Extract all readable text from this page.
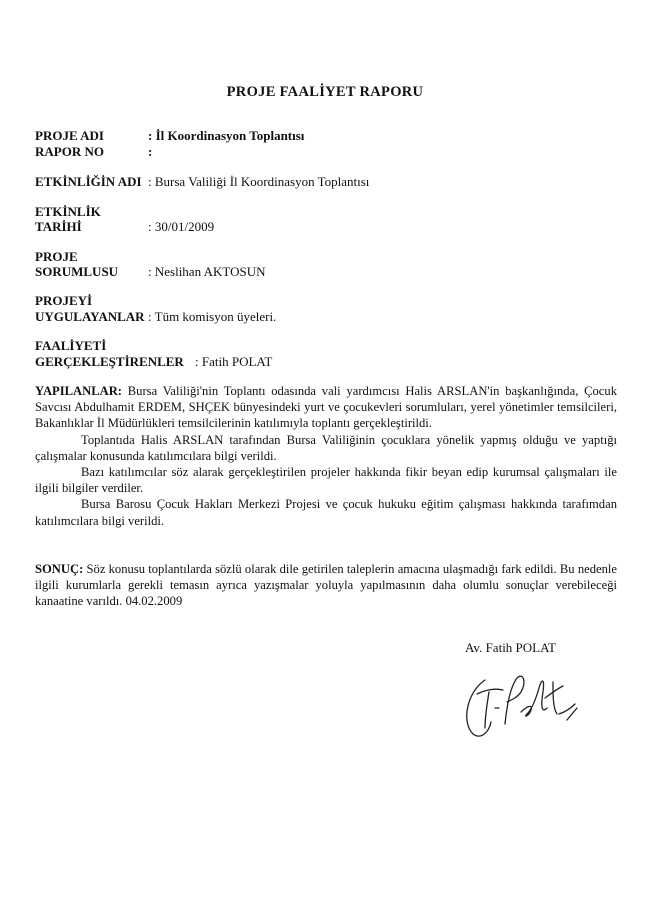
PROJE FAALİYET RAPORU
PROJE ADI	: İl Koordinasyon Toplantısı
RAPOR NO	:
ETKİNLİĞİN ADI : Bursa Valiliği İl Koordinasyon Toplantısı
ETKİNLİK
TARİHİ	: 30/01/2009
PROJE
SORUMLUSU : Neslihan AKTOSUN
PROJEYİ
UYGULAYANLAR : Tüm komisyon üyeleri.
FAALİYETİ
GERÇEKLEŞTİRENLER : Fatih POLAT

YAPILANLAR: Bursa Valiliği'nin Toplantı odasında vali yardımcısı Halis ARSLAN'in başkanlığında, Çocuk Savcısı Abdulhamit ERDEM, SHÇEK bünyesindeki yurt ve çocukevleri sorumluları, yerel yönetimler temsilcileri, Bakanlıklar İl Müdürlükleri temsilcilerinin katılımıyla toplantı gerçekleştirildi.

Toplantıda Halis ARSLAN tarafından Bursa Valiliğinin çocuklara yönelik yapmış olduğu ve yaptığı çalışmalar konusunda katılımcılara bilgi verildi.

Bazı katılımcılar söz alarak gerçekleştirilen projeler hakkında fikir beyan edip kurumsal çalışmaları ile ilgili bilgiler verdiler.

Bursa Barosu Çocuk Hakları Merkezi Projesi ve çocuk hukuku eğitim çalışması hakkında tarafımdan katılımcılara bilgi verildi.

SONUÇ: Söz konusu toplantılarda sözlü olarak dile getirilen taleplerin amacına ulaşmadığı fark edildi. Bu nedenle ilgili kurumlarla gerekli temasın ayrıca yazışmalar yoluyla yapılmasının daha olumlu sonuçlar verebileceği kanaatine varıldı. 04.02.2009

Av. Fatih POLAT
